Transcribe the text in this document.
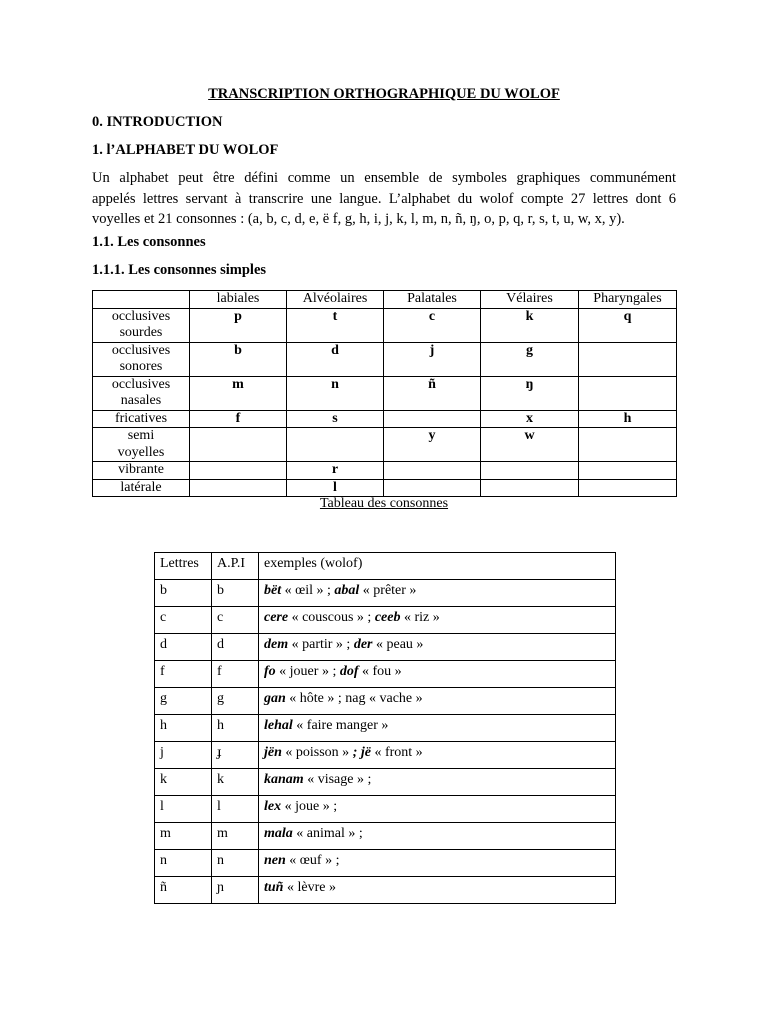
TRANSCRIPTION ORTHOGRAPHIQUE DU WOLOF
0. INTRODUCTION
1. l’ALPHABET DU WOLOF
Un alphabet peut être défini comme un ensemble de symboles graphiques communément
appelés lettres servant à transcrire une langue. L’alphabet du wolof compte 27 lettres dont 6
voyelles et 21 consonnes : (a, b, c, d, e, ë f, g, h, i, j, k, l, m, n, ñ, ŋ, o, p, q, r, s, t, u, w, x, y).
1.1. Les consonnes
1.1.1. Les consonnes simples
	labiales	Alvéolaires	Palatales	Vélaires	Pharyngales
occlusives sourdes	p	t	c	k	q
occlusives sonores	b	d	j	g	
occlusives nasales	m	n	ñ	ŋ	
fricatives	f	s		x	h
semi voyelles			y	w	
vibrante		r			
latérale		l			
Tableau des consonnes
Lettres	A.P.I	exemples (wolof)
b	b	bët « œil » ; abal « prêter »
c	c	cere « couscous » ; ceeb « riz »
d	d	dem « partir » ; der « peau »
f	f	fo « jouer » ; dof « fou »
g	g	gan « hôte » ; nag « vache »
h	h	lehal « faire manger »
j	ɟ	jën « poisson » ; jë « front »
k	k	kanam « visage » ;
l	l	lex « joue » ;
m	m	mala « animal » ;
n	n	nen « œuf » ;
ñ	ɲ	tuñ « lèvre »
